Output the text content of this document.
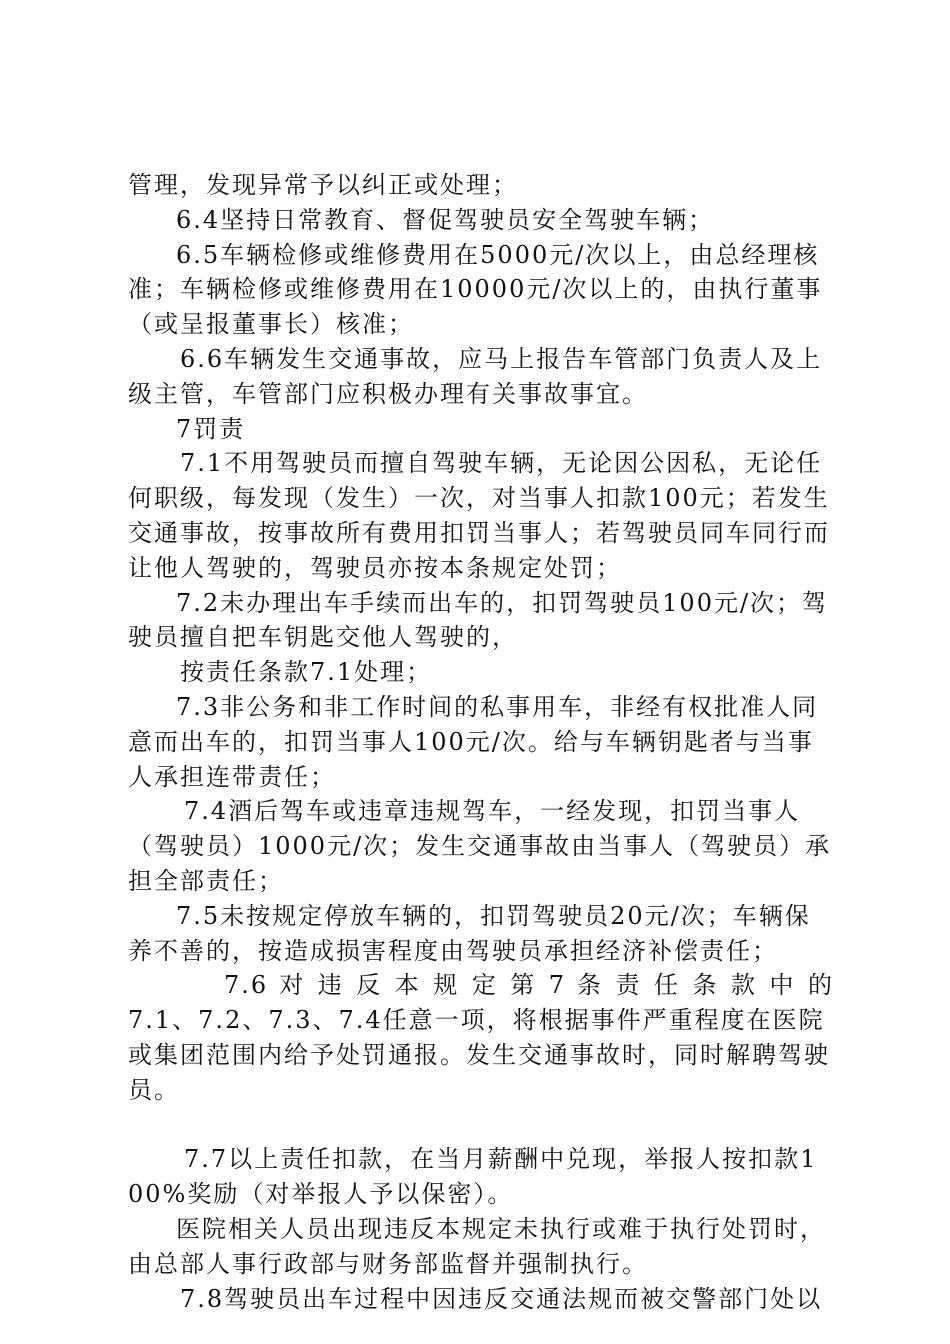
管理，发现异常予以纠正或处理；

6.4坚持日常教育、督促驾驶员安全驾驶车辆；

6.5车辆检修或维修费用在5000元/次以上，由总经理核准；车辆检修或维修费用在10000元/次以上的，由执行董事（或呈报董事长）核准；

6.6车辆发生交通事故，应马上报告车管部门负责人及上级主管，车管部门应积极办理有关事故事宜。

7罚责

7.1不用驾驶员而擅自驾驶车辆，无论因公因私，无论任何职级，每发现（发生）一次，对当事人扣款100元；若发生交通事故，按事故所有费用扣罚当事人；若驾驶员同车同行而让他人驾驶的，驾驶员亦按本条规定处罚；

7.2未办理出车手续而出车的，扣罚驾驶员100元/次；驾驶员擅自把车钥匙交他人驾驶的，

按责任条款7.1处理；

7.3非公务和非工作时间的私事用车，非经有权批准人同意而出车的，扣罚当事人100元/次。给与车辆钥匙者与当事人承担连带责任；

7.4酒后驾车或违章违规驾车，一经发现，扣罚当事人（驾驶员）1000元/次；发生交通事故由当事人（驾驶员）承担全部责任；

7.5未按规定停放车辆的，扣罚驾驶员20元/次；车辆保养不善的，按造成损害程度由驾驶员承担经济补偿责任；

7.6 对 违 反 本 规 定 第 7 条 责 任 条 款 中 的

7.1、7.2、7.3、7.4任意一项，将根据事件严重程度在医院或集团范围内给予处罚通报。发生交通事故时，同时解聘驾驶员。

7.7以上责任扣款，在当月薪酬中兑现，举报人按扣款100%奖励（对举报人予以保密）。

医院相关人员出现违反本规定未执行或难于执行处罚时，由总部人事行政部与财务部监督并强制执行。

7.8驾驶员出车过程中因违反交通法规而被交警部门处以
